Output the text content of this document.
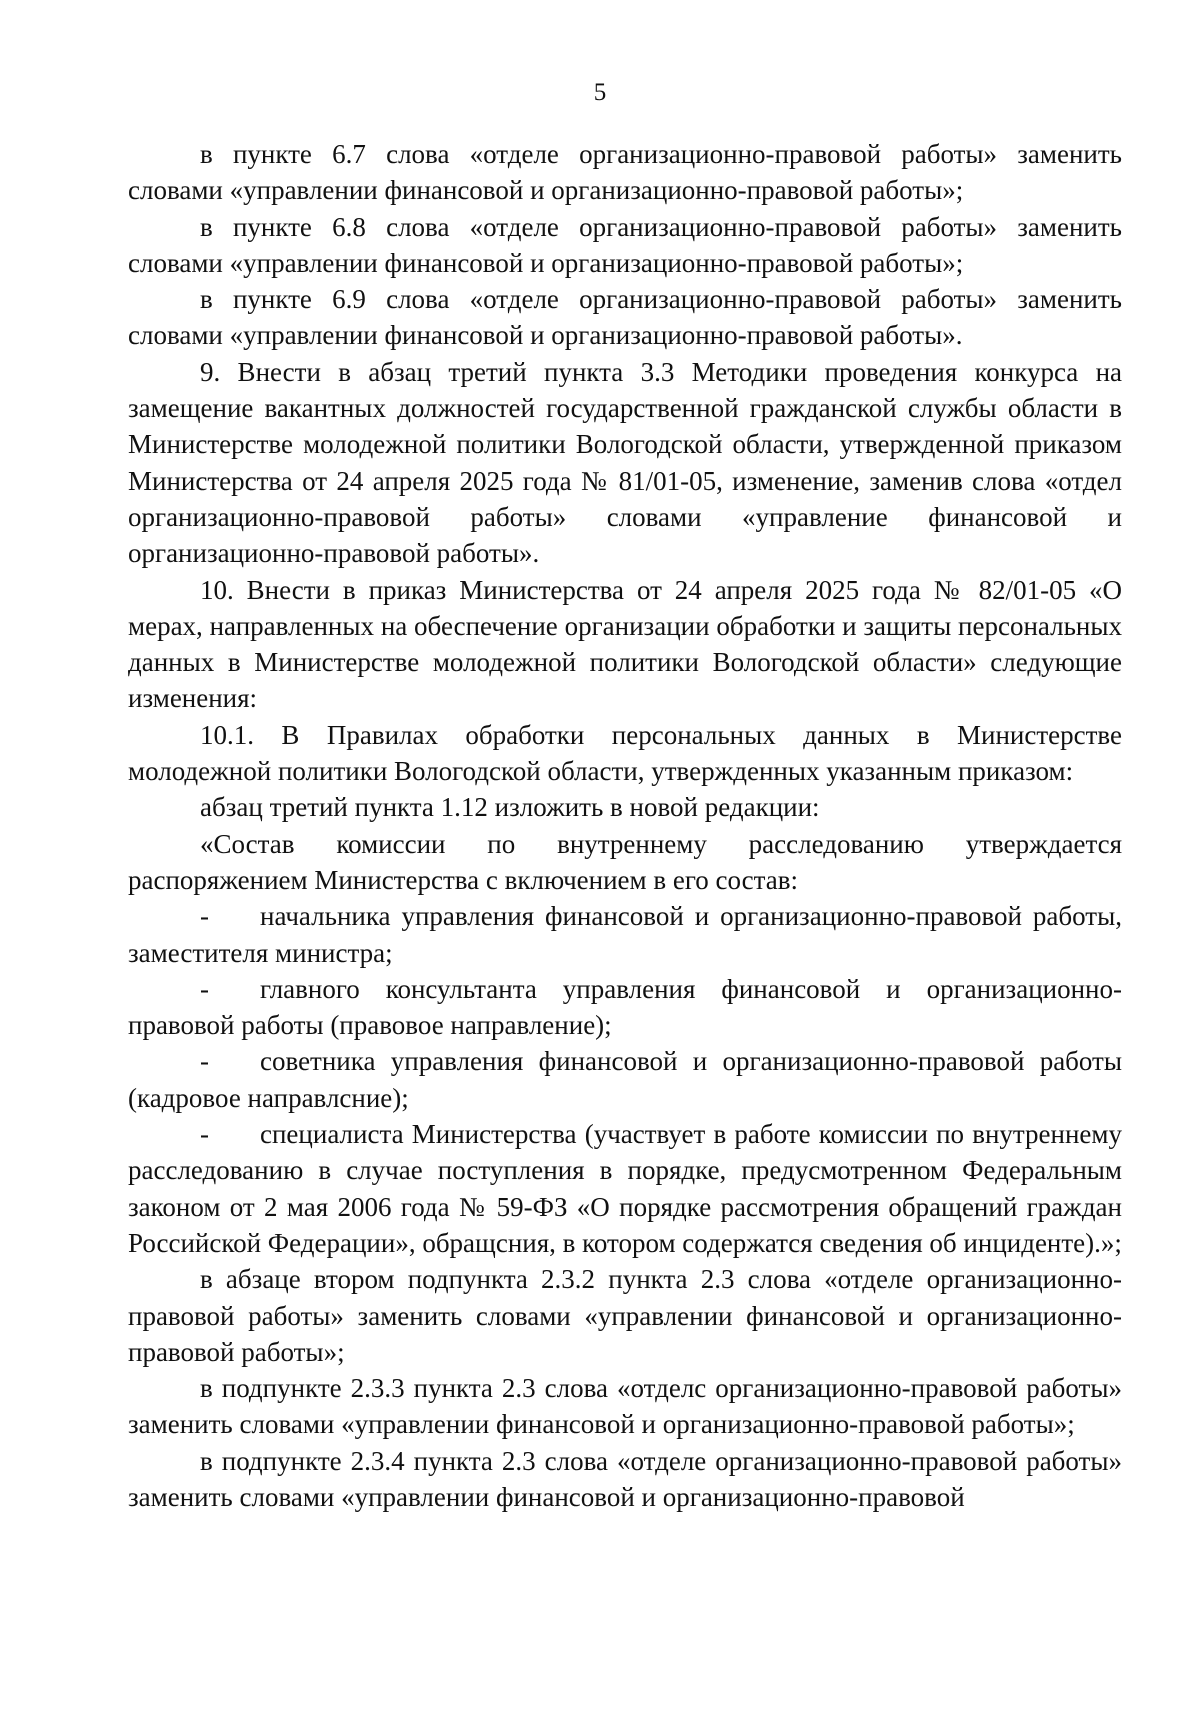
5

в пункте 6.7 слова «отделе организационно-правовой работы» заменить словами «управлении финансовой и организационно-правовой работы»;

в пункте 6.8 слова «отделе организационно-правовой работы» заменить словами «управлении финансовой и организационно-правовой работы»;

в пункте 6.9 слова «отделе организационно-правовой работы» заменить словами «управлении финансовой и организационно-правовой работы».

9. Внести в абзац третий пункта 3.3 Методики проведения конкурса на замещение вакантных должностей государственной гражданской службы области в Министерстве молодежной политики Вологодской области, утвержденной приказом Министерства от 24 апреля 2025 года № 81/01-05, изменение, заменив слова «отдел организационно-правовой работы» словами «управление финансовой и организационно-правовой работы».

10. Внести в приказ Министерства от 24 апреля 2025 года № 82/01-05 «О мерах, направленных на обеспечение организации обработки и защиты персональных данных в Министерстве молодежной политики Вологодской области» следующие изменения:

10.1. В Правилах обработки персональных данных в Министерстве молодежной политики Вологодской области, утвержденных указанным приказом:

абзац третий пункта 1.12 изложить в новой редакции:

«Состав комиссии по внутреннему расследованию утверждается распоряжением Министерства с включением в его состав:

- начальника управления финансовой и организационно-правовой работы, заместителя министра;

- главного консультанта управления финансовой и организационно-правовой работы (правовое направление);

- советника управления финансовой и организационно-правовой работы (кадровое направлcние);

- специалиста Министерства (участвует в работе комиссии по внутреннему расследованию в случае поступления в порядке, предусмотренном Федеральным законом от 2 мая 2006 года № 59-ФЗ «О порядке рассмотрения обращений граждан Российской Федерации», обращсния, в котором содержатся сведения об инциденте).»;

в абзаце втором подпункта 2.3.2 пункта 2.3 слова «отделе организационно-правовой работы» заменить словами «управлении финансовой и организационно-правовой работы»;

в подпункте 2.3.3 пункта 2.3 слова «отделс организационно-правовой работы» заменить словами «управлении финансовой и организационно-правовой работы»;

в подпункте 2.3.4 пункта 2.3 слова «отделе организационно-правовой работы» заменить словами «управлении финансовой и организационно-правовой
